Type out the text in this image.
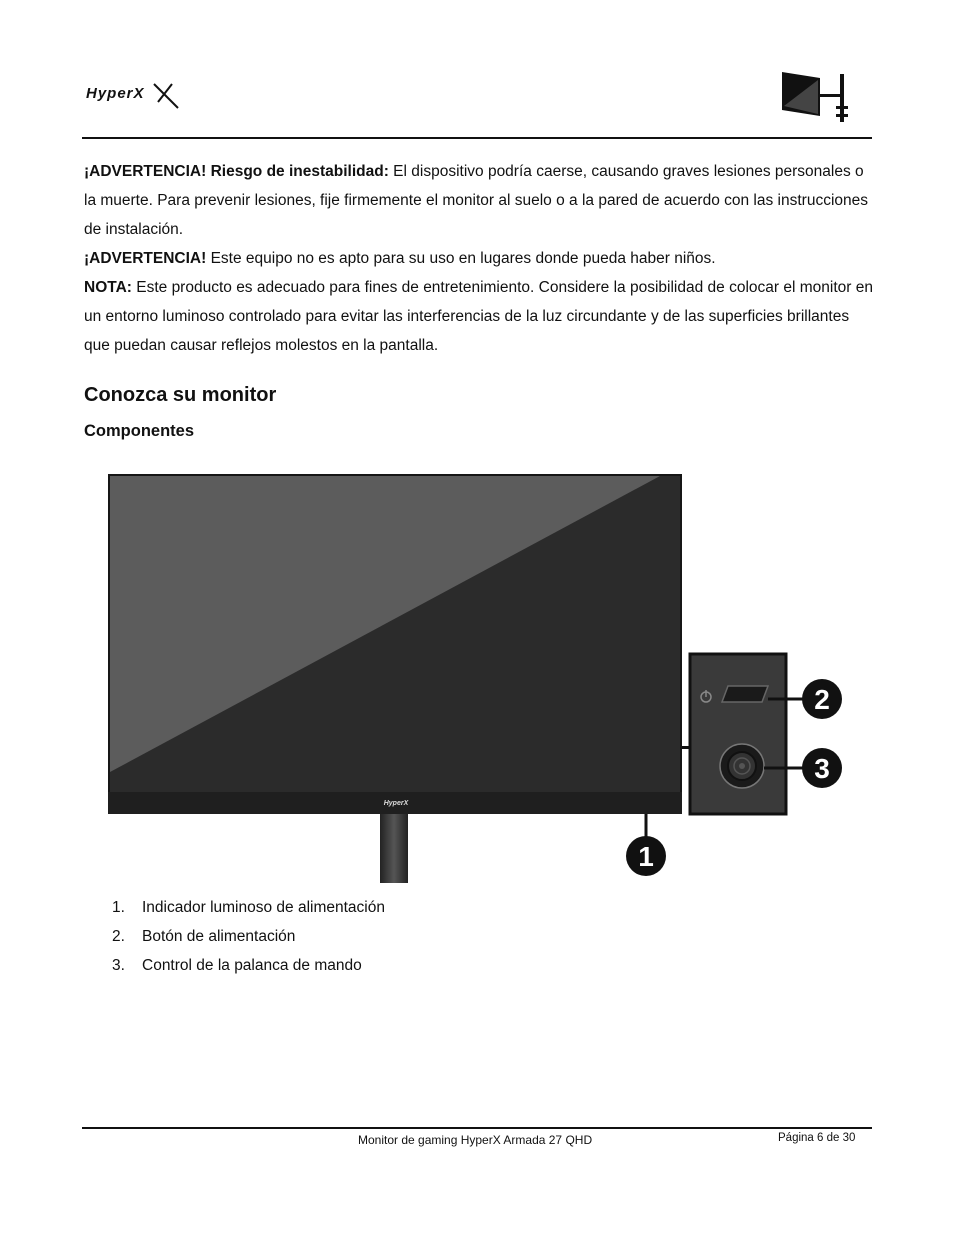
HyperX

¡ADVERTENCIA! Riesgo de inestabilidad: El dispositivo podría caerse, causando graves lesiones personales o la muerte. Para prevenir lesiones, fije firmemente el monitor al suelo o a la pared de acuerdo con las instrucciones de instalación.

¡ADVERTENCIA! Este equipo no es apto para su uso en lugares donde pueda haber niños.

NOTA: Este producto es adecuado para fines de entretenimiento. Considere la posibilidad de colocar el monitor en un entorno luminoso controlado para evitar las interferencias de la luz circundante y de las superficies brillantes que puedan causar reflejos molestos en la pantalla.

Conozca su monitor
Componentes
HyperX
1
2
3
1.	Indicador luminoso de alimentación
2.	Botón de alimentación
3.	Control de la palanca de mando
Monitor de gaming HyperX Armada 27 QHD	Página 6 de 30
